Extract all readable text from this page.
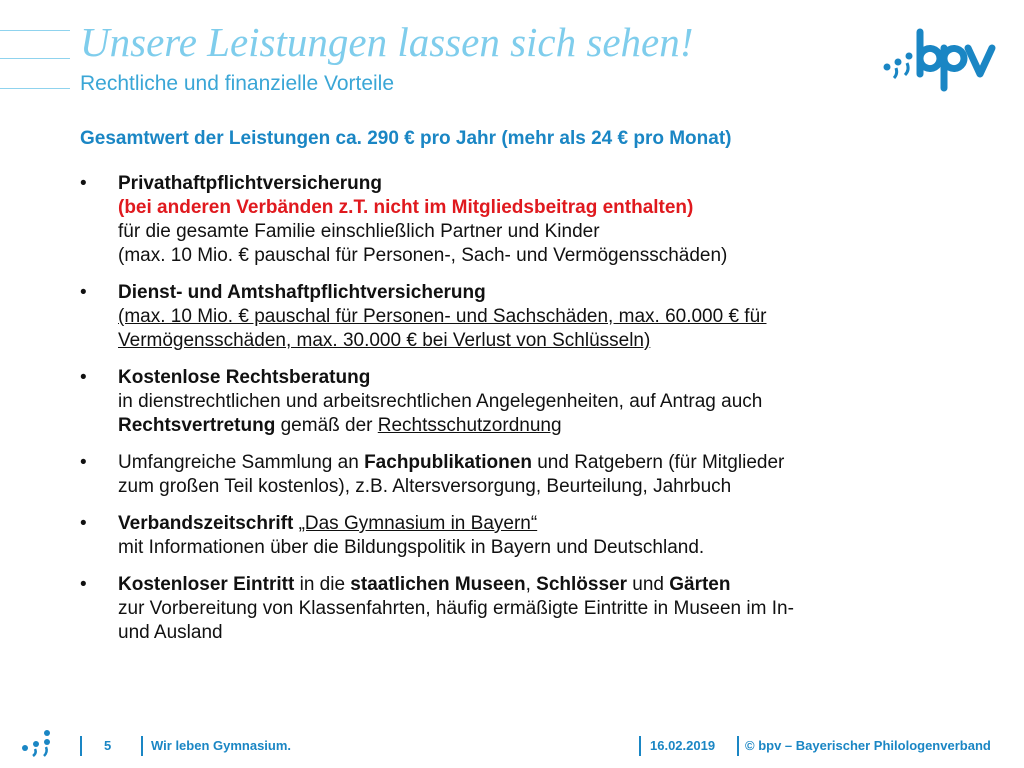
Unsere Leistungen lassen sich sehen!
Rechtliche und finanzielle Vorteile
Gesamtwert der Leistungen ca. 290 € pro Jahr (mehr als 24 € pro Monat)
• Privathaftpflichtversicherung
(bei anderen Verbänden z.T. nicht im Mitgliedsbeitrag enthalten)
für die gesamte Familie einschließlich Partner und Kinder
(max. 10 Mio. € pauschal für Personen-, Sach- und Vermögensschäden)
• Dienst- und Amtshaftpflichtversicherung
(max. 10 Mio. € pauschal für Personen- und Sachschäden, max. 60.000 € für
Vermögensschäden, max. 30.000 € bei Verlust von Schlüsseln)
• Kostenlose Rechtsberatung
in dienstrechtlichen und arbeitsrechtlichen Angelegenheiten, auf Antrag auch
Rechtsvertretung gemäß der Rechtsschutzordnung
• Umfangreiche Sammlung an Fachpublikationen und Ratgebern (für Mitglieder
zum großen Teil kostenlos), z.B. Altersversorgung, Beurteilung, Jahrbuch
• Verbandszeitschrift „Das Gymnasium in Bayern“
mit Informationen über die Bildungspolitik in Bayern und Deutschland.
• Kostenloser Eintritt in die staatlichen Museen, Schlösser und Gärten
zur Vorbereitung von Klassenfahrten, häufig ermäßigte Eintritte in Museen im In-
und Ausland
5	Wir leben Gymnasium.	16.02.2019 © bpv – Bayerischer Philologenverband
